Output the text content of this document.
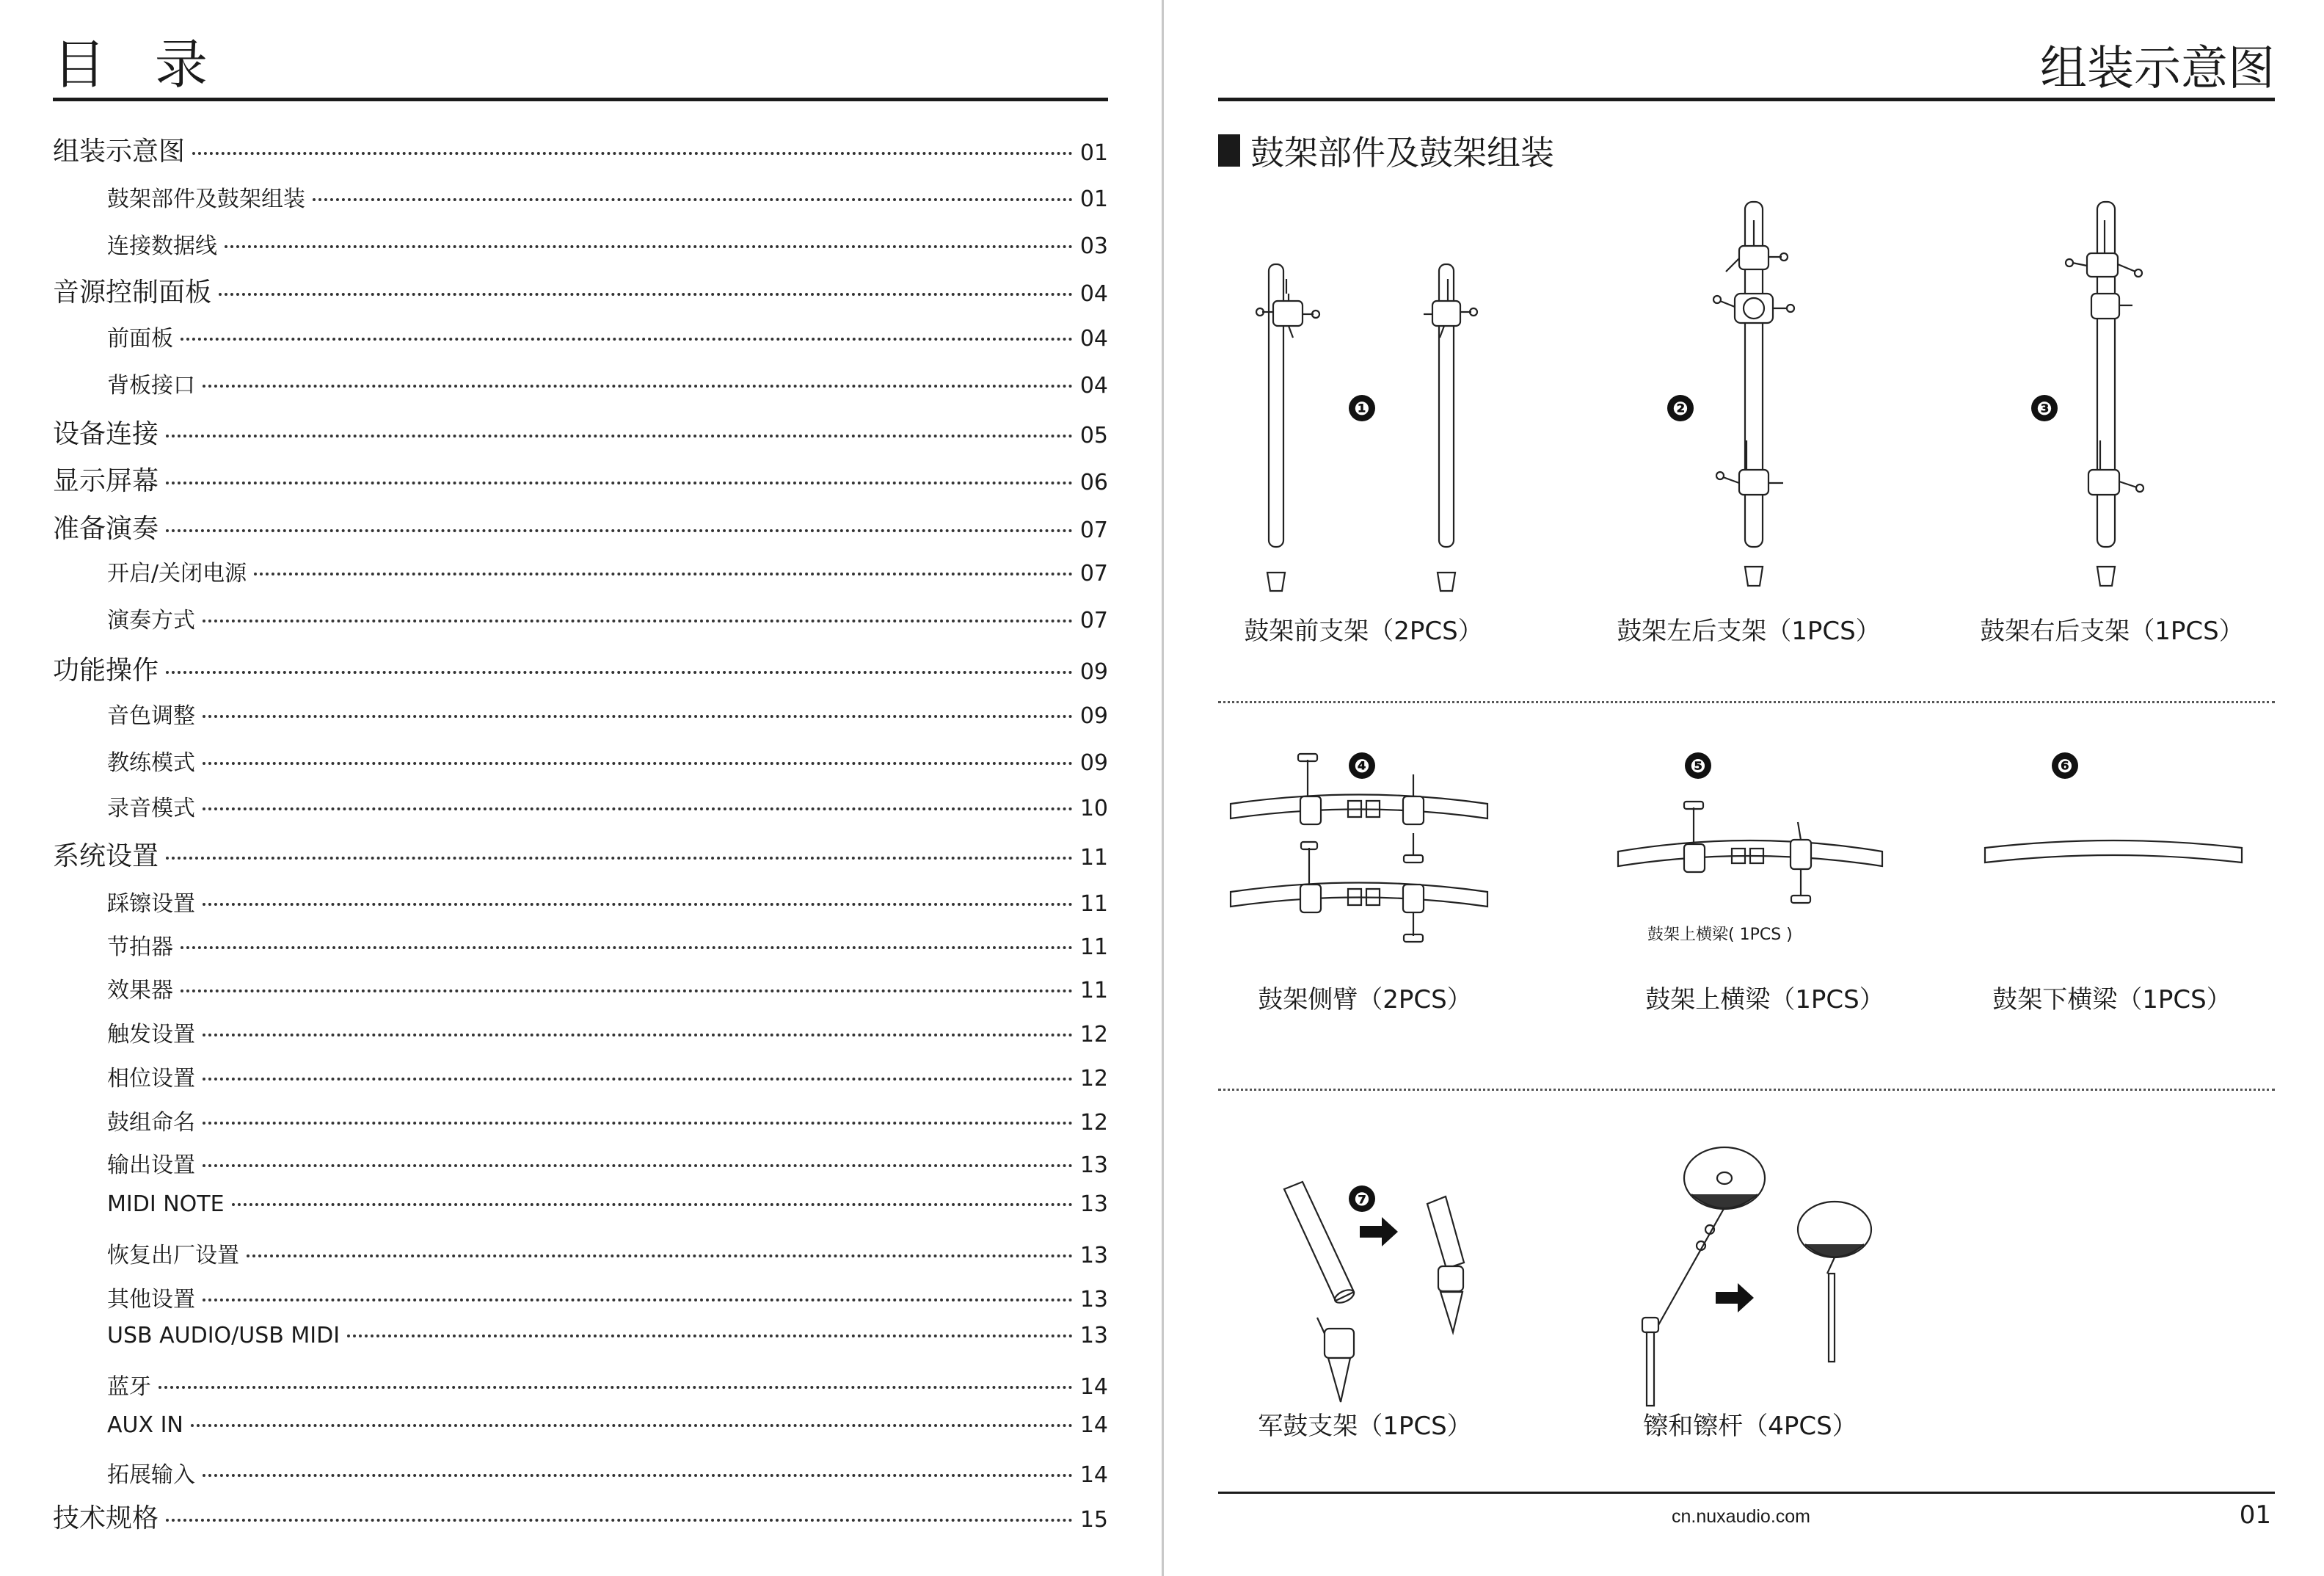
目 录
组装示意图	01
鼓架部件及鼓架组装	01
连接数据线	03
音源控制面板	04
前面板	04
背板接口	04
设备连接	05
显示屏幕	06
准备演奏	07
开启/关闭电源	07
演奏方式	07
功能操作	09
音色调整	09
教练模式	09
录音模式	10
系统设置	11
踩镲设置	11
节拍器	11
效果器	11
触发设置	12
相位设置	12
鼓组命名	12
输出设置	13
MIDI NOTE	13
恢复出厂设置	13
其他设置	13
USB AUDIO/USB MIDI	13
蓝牙	14
AUX IN	14
拓展输入	14
技术规格	15
组装示意图
鼓架部件及鼓架组装
❶
鼓架前支架（2PCS）
❷
鼓架左后支架（1PCS）
❸
鼓架右后支架（1PCS）
❹
鼓架侧臂（2PCS）
❺
鼓架上横梁( 1PCS )
鼓架上横梁（1PCS）
❻
鼓架下横梁（1PCS）
❼
军鼓支架（1PCS）	镲和镲杆（4PCS）
cn.nuxaudio.com	01
